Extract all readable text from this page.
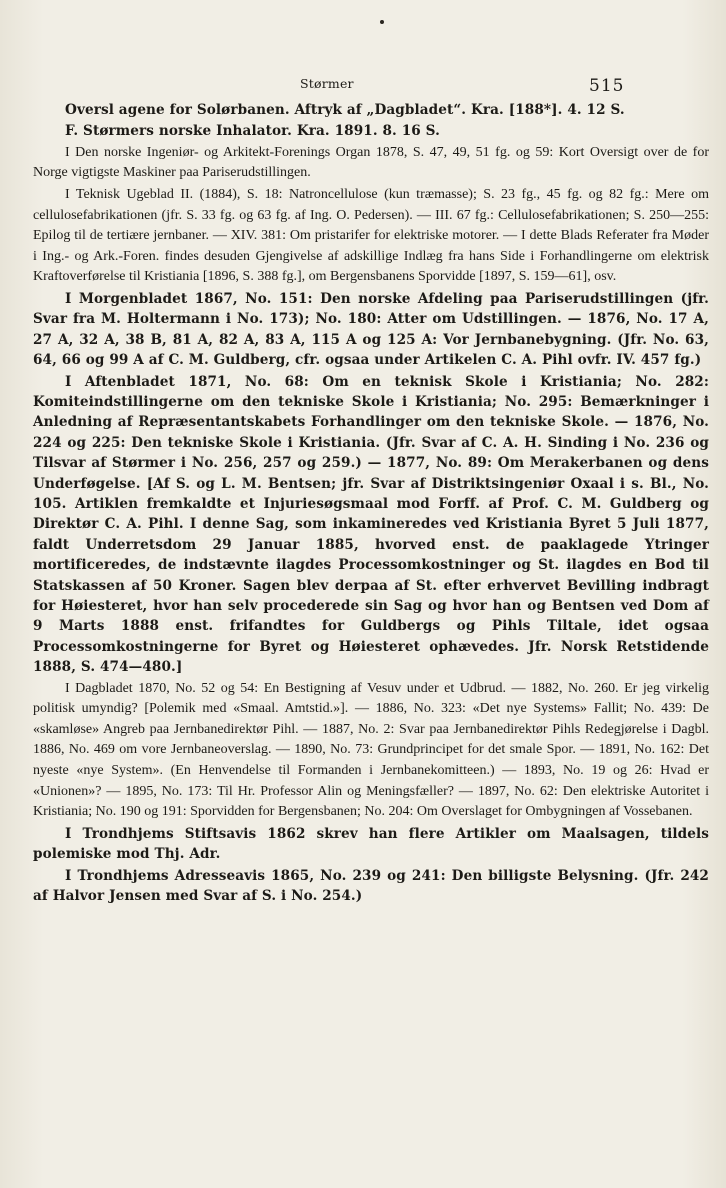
Størmer	515

Oversl agene for Solørbanen. Aftryk af „Dagbladet“. Kra. [188*]. 4. 12 S.

F. Størmers norske Inhalator. Kra. 1891. 8. 16 S.

I Den norske Ingeniør- og Arkitekt-Forenings Organ 1878, S. 47, 49, 51 fg. og 59: Kort Oversigt over de for Norge vigtigste Maskiner paa Pariserudstillingen.

I Teknisk Ugeblad II. (1884), S. 18: Natroncellulose (kun træmasse); S. 23 fg., 45 fg. og 82 fg.: Mere om cellulosefabrikationen (jfr. S. 33 fg. og 63 fg. af Ing. O. Pedersen). — III. 67 fg.: Cellulosefabrikationen; S. 250—255: Epilog til de tertiære jernbaner. — XIV. 381: Om pristarifer for elektriske motorer. — I dette Blads Referater fra Møder i Ing.- og Ark.-Foren. findes desuden Gjengivelse af adskillige Indlæg fra hans Side i Forhandlingerne om elektrisk Kraftoverførelse til Kristiania [1896, S. 388 fg.], om Bergensbanens Sporvidde [1897, S. 159—61], osv.

I Morgenbladet 1867, No. 151: Den norske Afdeling paa Pariserudstillingen (jfr. Svar fra M. Holtermann i No. 173); No. 180: Atter om Udstillingen. — 1876, No. 17 A, 27 A, 32 A, 38 B, 81 A, 82 A, 83 A, 115 A og 125 A: Vor Jernbanebygning. (Jfr. No. 63, 64, 66 og 99 A af C. M. Guldberg, cfr. ogsaa under Artikelen C. A. Pihl ovfr. IV. 457 fg.)

I Aftenbladet 1871, No. 68: Om en teknisk Skole i Kristiania; No. 282: Komiteindstillingerne om den tekniske Skole i Kristiania; No. 295: Bemærkninger i Anledning af Repræsentantskabets Forhandlinger om den tekniske Skole. — 1876, No. 224 og 225: Den tekniske Skole i Kristiania. (Jfr. Svar af C. A. H. Sinding i No. 236 og Tilsvar af Størmer i No. 256, 257 og 259.) — 1877, No. 89: Om Merakerbanen og dens Underføgelse. [Af S. og L. M. Bentsen; jfr. Svar af Distriktsingeniør Oxaal i s. Bl., No. 105. Artiklen fremkaldte et Injuriesøgsmaal mod Forff. af Prof. C. M. Guldberg og Direktør C. A. Pihl. I denne Sag, som inkamineredes ved Kristiania Byret 5 Juli 1877, faldt Underretsdom 29 Januar 1885, hvorved enst. de paaklagede Ytringer mortificeredes, de indstævnte ilagdes Processomkostninger og St. ilagdes en Bod til Statskassen af 50 Kroner. Sagen blev derpaa af St. efter erhvervet Bevilling indbragt for Høiesteret, hvor han selv procederede sin Sag og hvor han og Bentsen ved Dom af 9 Marts 1888 enst. frifandtes for Guldbergs og Pihls Tiltale, idet ogsaa Processomkostningerne for Byret og Høiesteret ophævedes. Jfr. Norsk Retstidende 1888, S. 474—480.]

I Dagbladet 1870, No. 52 og 54: En Bestigning af Vesuv under et Udbrud. — 1882, No. 260. Er jeg virkelig politisk umyndig? [Polemik med «Smaal. Amtstid.»]. — 1886, No. 323: «Det nye Systems» Fallit; No. 439: De «skamløse» Angreb paa Jernbanedirektør Pihl. — 1887, No. 2: Svar paa Jernbanedirektør Pihls Redegjørelse i Dagbl. 1886, No. 469 om vore Jernbaneoverslag. — 1890, No. 73: Grundprincipet for det smale Spor. — 1891, No. 162: Det nyeste «nye System». (En Henvendelse til Formanden i Jernbanekomitteen.) — 1893, No. 19 og 26: Hvad er «Unionen»? — 1895, No. 173: Til Hr. Professor Alin og Meningsfæller? — 1897, No. 62: Den elektriske Autoritet i Kristiania; No. 190 og 191: Sporvidden for Bergensbanen; No. 204: Om Overslaget for Ombygningen af Vossebanen.

I Trondhjems Stiftsavis 1862 skrev han flere Artikler om Maalsagen, tildels polemiske mod Thj. Adr.

I Trondhjems Adresseavis 1865, No. 239 og 241: Den billigste Belysning. (Jfr. 242 af Halvor Jensen med Svar af S. i No. 254.)
